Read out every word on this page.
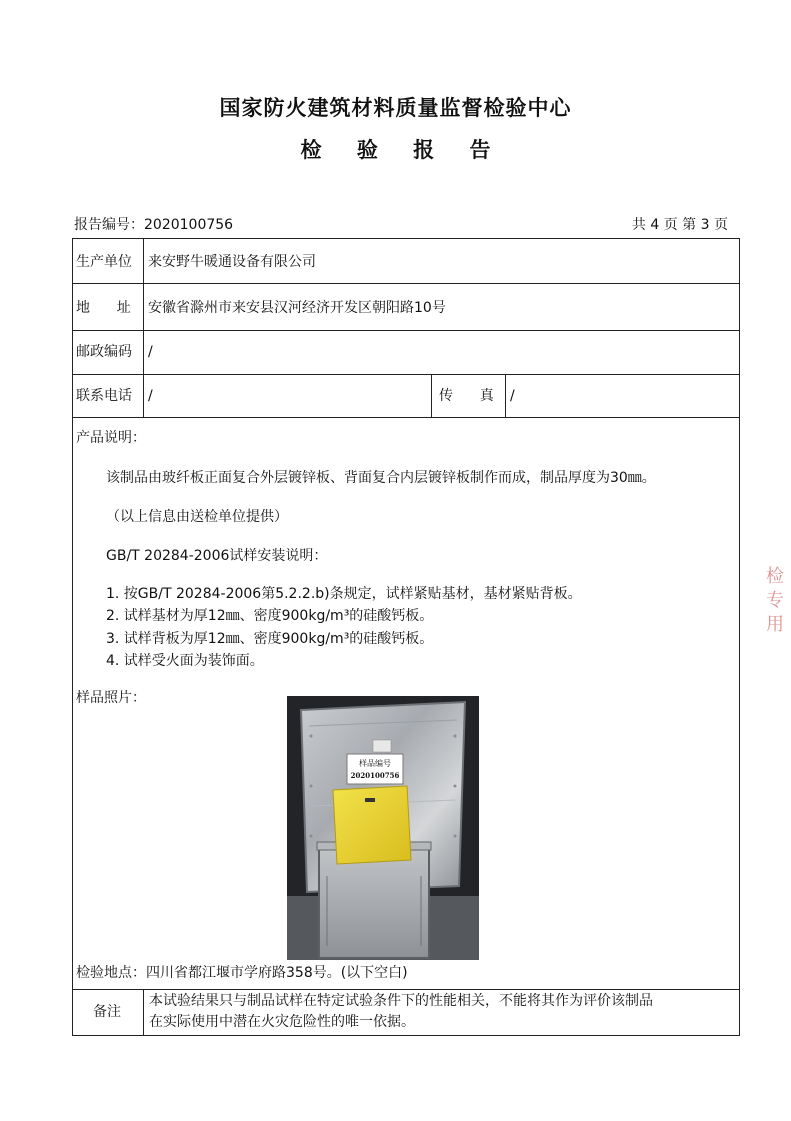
国家防火建筑材料质量监督检验中心
检 验 报 告
报告编号：2020100756	共 4 页 第 3 页
生产单位 来安野牛暖通设备有限公司
地      址 安徽省滁州市来安县汉河经济开发区朝阳路10号
邮政编码 /
联系电话 /	传      真 /
产品说明：
该制品由玻纤板正面复合外层镀锌板、背面复合内层镀锌板制作而成，制品厚度为30㎜。
（以上信息由送检单位提供）
GB/T 20284-2006试样安装说明：
1. 按GB/T 20284-2006第5.2.2.b)条规定，试样紧贴基材，基材紧贴背板。
2. 试样基材为厚12㎜、密度900kg/m³的硅酸钙板。
3. 试样背板为厚12㎜、密度900kg/m³的硅酸钙板。
4. 试样受火面为装饰面。
样品照片：
样品编号
2020100756
检验地点：四川省都江堰市学府路358号。(以下空白)
备注
本试验结果只与制品试样在特定试验条件下的性能相关，不能将其作为评价该制品
在实际使用中潜在火灾危险性的唯一依据。
检
专
用
